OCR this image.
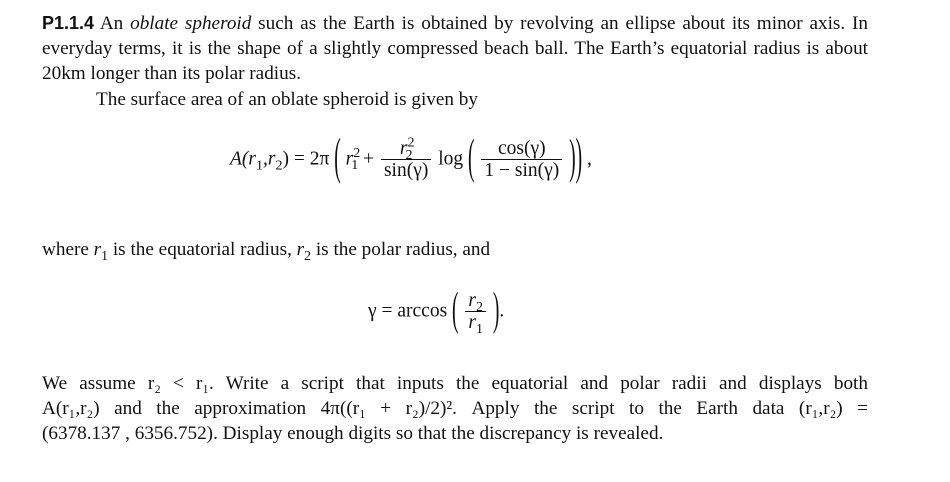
P1.1.4 An oblate spheroid such as the Earth is obtained by revolving an ellipse about its minor axis. In everyday terms, it is the shape of a slightly compressed beach ball. The Earth’s equatorial radius is about 20km longer than its polar radius.
The surface area of an oblate spheroid is given by
$A(r_1,r_2) = 2\pi$ ( $r^2_1 + \frac{r^2_2}{\sin(\gamma)}$ log ( $\frac{\cos(\gamma)}{1 - \sin(\gamma)}$ )) ,
where $r_1$ is the equatorial radius, $r_2$ is the polar radius, and
γ = arccos ( $\frac{r_2}{r_1}$ ).
We assume r₂ < r₁. Write a script that inputs the equatorial and polar radii and displays both
A(r₁,r₂) and the approximation 4π((r₁ + r₂)/2)². Apply the script to the Earth data (r₁,r₂) =
(6378.137 , 6356.752). Display enough digits so that the discrepancy is revealed.
